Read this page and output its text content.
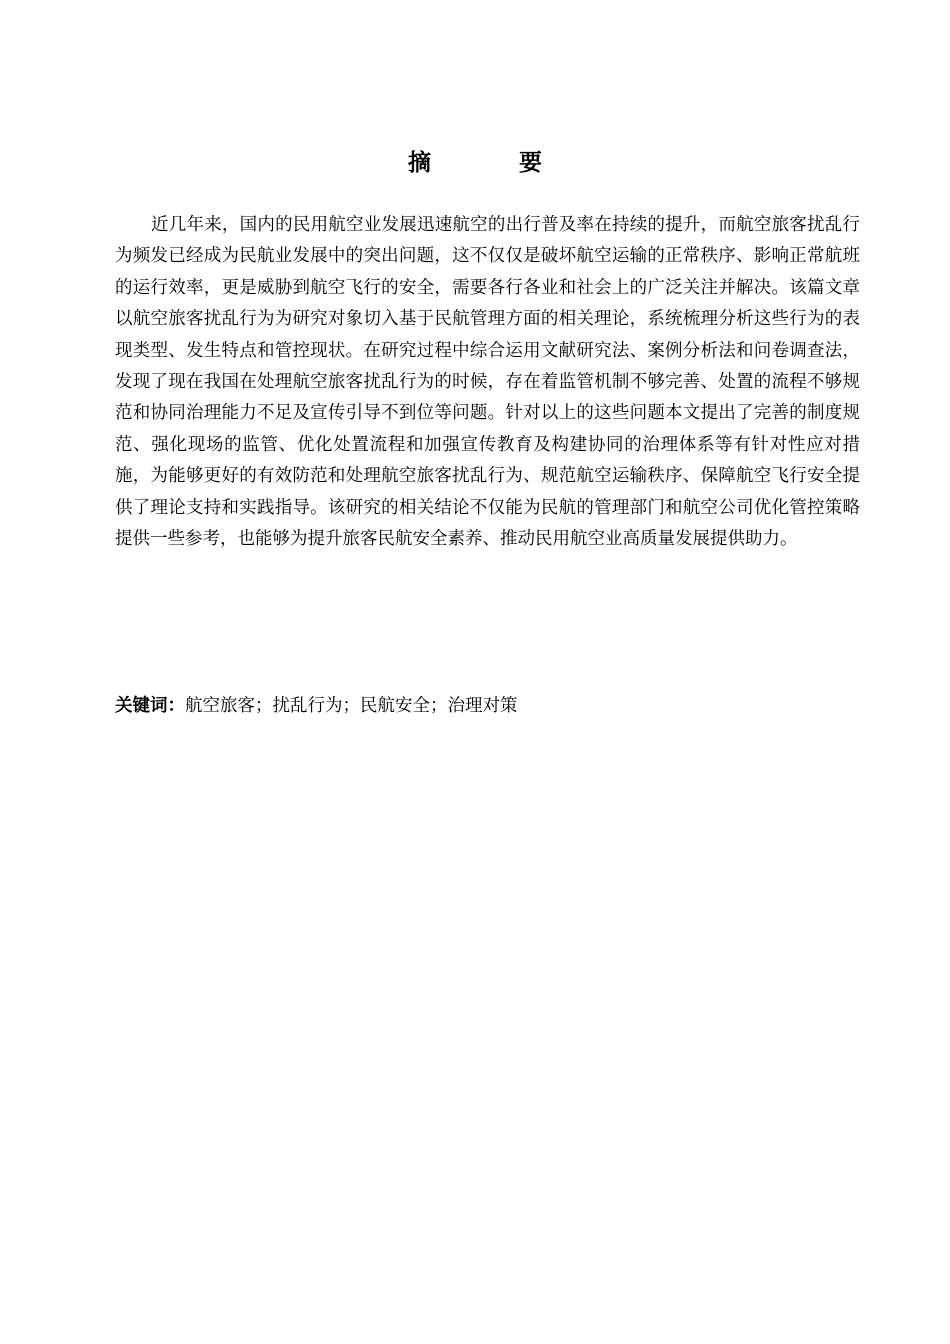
摘 要

近几年来，国内的民用航空业发展迅速航空的出行普及率在持续的提升，而航空旅客扰乱行为频发已经成为民航业发展中的突出问题，这不仅仅是破坏航空运输的正常秩序、影响正常航班的运行效率，更是威胁到航空飞行的安全，需要各行各业和社会上的广泛关注并解决。该篇文章以航空旅客扰乱行为为研究对象切入基于民航管理方面的相关理论，系统梳理分析这些行为的表现类型、发生特点和管控现状。在研究过程中综合运用文献研究法、案例分析法和问卷调查法，发现了现在我国在处理航空旅客扰乱行为的时候，存在着监管机制不够完善、处置的流程不够规范和协同治理能力不足及宣传引导不到位等问题。针对以上的这些问题本文提出了完善的制度规范、强化现场的监管、优化处置流程和加强宣传教育及构建协同的治理体系等有针对性应对措施，为能够更好的有效防范和处理航空旅客扰乱行为、规范航空运输秩序、保障航空飞行安全提供了理论支持和实践指导。该研究的相关结论不仅能为民航的管理部门和航空公司优化管控策略提供一些参考，也能够为提升旅客民航安全素养、推动民用航空业高质量发展提供助力。

关键词：航空旅客；扰乱行为；民航安全；治理对策
